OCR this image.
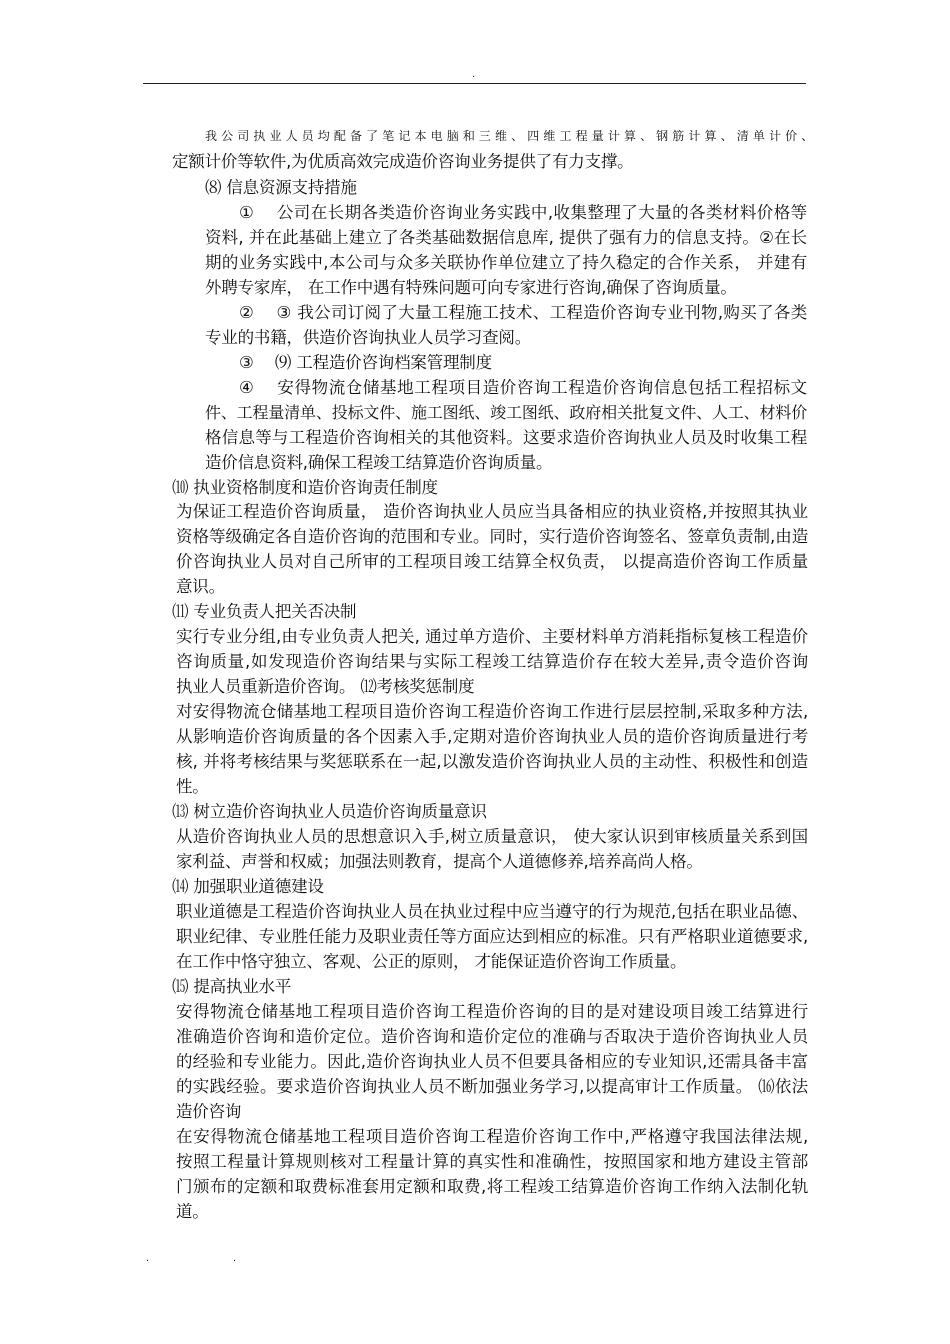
.
我公司执业人员均配备了笔记本电脑和三维、四维工程量计算、钢筋计算、清单计价、
定额计价等软件,为优质高效完成造价咨询业务提供了有力支撑。
⑻ 信息资源支持措施
①　 公司在长期各类造价咨询业务实践中,收集整理了大量的各类材料价格等
资料, 并在此基础上建立了各类基础数据信息库, 提供了强有力的信息支持。②在长
期的业务实践中,本公司与众多关联协作单位建立了持久稳定的合作关系， 并建有
外聘专家库， 在工作中遇有特殊问题可向专家进行咨询,确保了咨询质量。
②　 ③ 我公司订阅了大量工程施工技术、工程造价咨询专业刊物,购买了各类
专业的书籍，供造价咨询执业人员学习查阅。
③　 ⑼ 工程造价咨询档案管理制度
④　 安得物流仓储基地工程项目造价咨询工程造价咨询信息包括工程招标文
件、工程量清单、投标文件、施工图纸、竣工图纸、政府相关批复文件、人工、材料价
格信息等与工程造价咨询相关的其他资料。这要求造价咨询执业人员及时收集工程
造价信息资料,确保工程竣工结算造价咨询质量。
⑽ 执业资格制度和造价咨询责任制度
为保证工程造价咨询质量， 造价咨询执业人员应当具备相应的执业资格,并按照其执业
资格等级确定各自造价咨询的范围和专业。同时，实行造价咨询签名、签章负责制,由造
价咨询执业人员对自己所审的工程项目竣工结算全权负责， 以提高造价咨询工作质量
意识。
⑾ 专业负责人把关否决制
实行专业分组,由专业负责人把关, 通过单方造价、主要材料单方消耗指标复核工程造价
咨询质量,如发现造价咨询结果与实际工程竣工结算造价存在较大差异,责令造价咨询
执业人员重新造价咨询。 ⑿考核奖惩制度
对安得物流仓储基地工程项目造价咨询工程造价咨询工作进行层层控制,采取多种方法,
从影响造价咨询质量的各个因素入手,定期对造价咨询执业人员的造价咨询质量进行考
核, 并将考核结果与奖惩联系在一起,以激发造价咨询执业人员的主动性、积极性和创造
性。
⒀ 树立造价咨询执业人员造价咨询质量意识
从造价咨询执业人员的思想意识入手,树立质量意识， 使大家认识到审核质量关系到国
家利益、声誉和权威；加强法则教育，提高个人道德修养,培养高尚人格。
⒁ 加强职业道德建设
职业道德是工程造价咨询执业人员在执业过程中应当遵守的行为规范,包括在职业品德、
职业纪律、专业胜任能力及职业责任等方面应达到相应的标准。只有严格职业道德要求,
在工作中恪守独立、客观、公正的原则， 才能保证造价咨询工作质量。
⒂ 提高执业水平
安得物流仓储基地工程项目造价咨询工程造价咨询的目的是对建设项目竣工结算进行
准确造价咨询和造价定位。造价咨询和造价定位的准确与否取决于造价咨询执业人员
的经验和专业能力。因此,造价咨询执业人员不但要具备相应的专业知识,还需具备丰富
的实践经验。要求造价咨询执业人员不断加强业务学习,以提高审计工作质量。 ⒃依法
造价咨询
在安得物流仓储基地工程项目造价咨询工程造价咨询工作中,严格遵守我国法律法规,
按照工程量计算规则核对工程量计算的真实性和准确性，按照国家和地方建设主管部
门颁布的定额和取费标准套用定额和取费,将工程竣工结算造价咨询工作纳入法制化轨
道。
.	.
